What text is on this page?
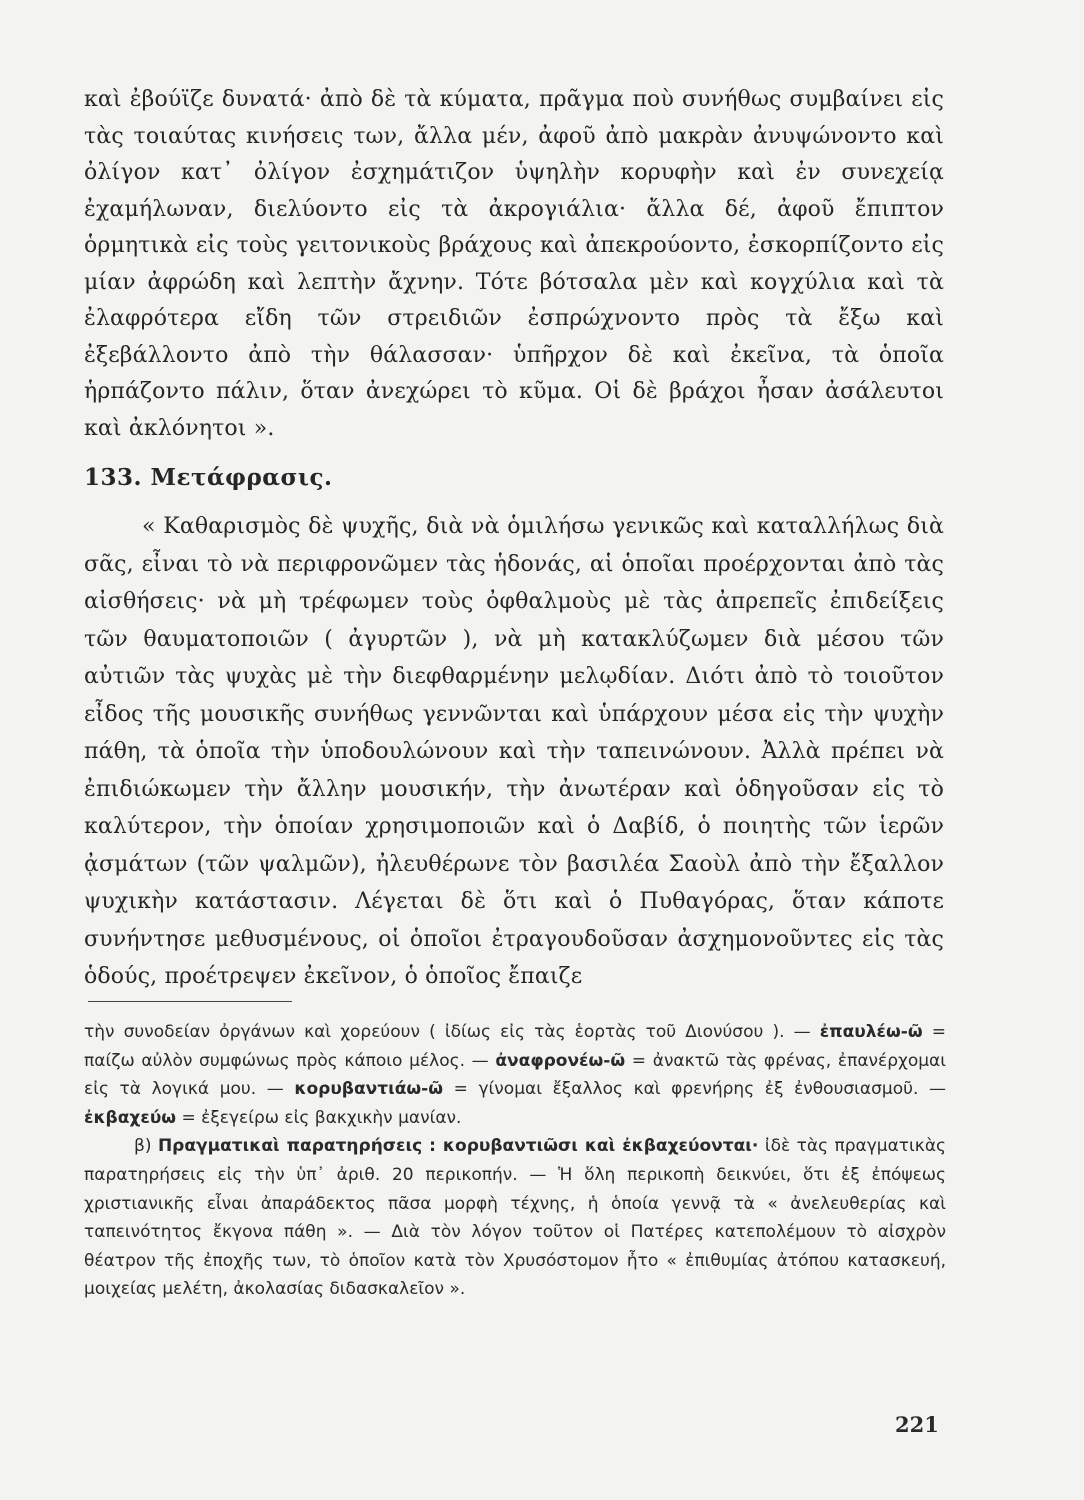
καὶ ἐβούϊζε δυνατά· ἀπὸ δὲ τὰ κύματα, πρᾶγμα ποὺ συνήθως συμβαίνει εἰς τὰς τοιαύτας κινήσεις των, ἄλλα μέν, ἀφοῦ ἀπὸ μακρὰν ἀνυψώνοντο καὶ ὀλίγον κατ᾽ ὀλίγον ἐσχημάτιζον ὑψηλὴν κορυφὴν καὶ ἐν συνεχείᾳ ἐχαμήλωναν, διελύοντο εἰς τὰ ἀκρογιάλια· ἄλλα δέ, ἀφοῦ ἔπιπτον ὁρμητικὰ εἰς τοὺς γειτονικοὺς βράχους καὶ ἀπεκρούοντο, ἐσκορπίζοντο εἰς μίαν ἀφρώδη καὶ λεπτὴν ἄχνην. Τότε βότσαλα μὲν καὶ κογχύλια καὶ τὰ ἐλαφρότερα εἴδη τῶν στρειδιῶν ἐσπρώχνοντο πρὸς τὰ ἔξω καὶ ἐξεβάλλοντο ἀπὸ τὴν θάλασσαν· ὑπῆρχον δὲ καὶ ἐκεῖνα, τὰ ὁποῖα ἡρπάζοντο πάλιν, ὅταν ἀνεχώρει τὸ κῦμα. Οἱ δὲ βράχοι ἦσαν ἀσάλευτοι καὶ ἀκλόνητοι ».

133. Μετάφρασις.

« Καθαρισμὸς δὲ ψυχῆς, διὰ νὰ ὁμιλήσω γενικῶς καὶ καταλλήλως διὰ σᾶς, εἶναι τὸ νὰ περιφρονῶμεν τὰς ἡδονάς, αἱ ὁποῖαι προέρχονται ἀπὸ τὰς αἰσθήσεις· νὰ μὴ τρέφωμεν τοὺς ὀφθαλμοὺς μὲ τὰς ἀπρεπεῖς ἐπιδείξεις τῶν θαυματοποιῶν ( ἀγυρτῶν ), νὰ μὴ κατακλύζωμεν διὰ μέσου τῶν αὐτιῶν τὰς ψυχὰς μὲ τὴν διεφθαρμένην μελῳδίαν. Διότι ἀπὸ τὸ τοιοῦτον εἶδος τῆς μουσικῆς συνήθως γεννῶνται καὶ ὑπάρχουν μέσα εἰς τὴν ψυχὴν πάθη, τὰ ὁποῖα τὴν ὑποδουλώνουν καὶ τὴν ταπεινώνουν. Ἀλλὰ πρέπει νὰ ἐπιδιώκωμεν τὴν ἄλλην μουσικήν, τὴν ἀνωτέραν καὶ ὁδηγοῦσαν εἰς τὸ καλύτερον, τὴν ὁποίαν χρησιμοποιῶν καὶ ὁ Δαβίδ, ὁ ποιητὴς τῶν ἱερῶν ᾀσμάτων (τῶν ψαλμῶν), ἠλευθέρωνε τὸν βασιλέα Σαοὺλ ἀπὸ τὴν ἔξαλλον ψυχικὴν κατάστασιν. Λέγεται δὲ ὅτι καὶ ὁ Πυθαγόρας, ὅταν κάποτε συνήντησε μεθυσμένους, οἱ ὁποῖοι ἐτραγουδοῦσαν ἀσχημονοῦντες εἰς τὰς ὁδούς, προέτρεψεν ἐκεῖνον, ὁ ὁποῖος ἔπαιζε

τὴν συνοδείαν ὀργάνων καὶ χορεύουν ( ἰδίως εἰς τὰς ἑορτὰς τοῦ Διονύσου ). — ἐπαυλέω-ῶ = παίζω αὐλὸν συμφώνως πρὸς κάποιο μέλος. — ἀναφρονέω-ῶ = ἀνακτῶ τὰς φρένας, ἐπανέρχομαι εἰς τὰ λογικά μου. — κορυβαντιάω-ῶ = γίνομαι ἔξαλλος καὶ φρενήρης ἐξ ἐνθουσιασμοῦ. — ἐκβαχεύω = ἐξεγείρω εἰς βακχικὴν μανίαν.

β) Πραγματικαὶ παρατηρήσεις : κορυβαντιῶσι καὶ ἐκβαχεύονται· ἰδὲ τὰς πραγματικὰς παρατηρήσεις εἰς τὴν ὑπ᾽ ἀριθ. 20 περικοπήν. — Ἡ ὅλη περικοπὴ δεικνύει, ὅτι ἐξ ἐπόψεως χριστιανικῆς εἶναι ἀπαράδεκτος πᾶσα μορφὴ τέχνης, ἡ ὁποία γεννᾷ τὰ « ἀνελευθερίας καὶ ταπεινότητος ἔκγονα πάθη ». — Διὰ τὸν λόγον τοῦτον οἱ Πατέρες κατεπολέμουν τὸ αἰσχρὸν θέατρον τῆς ἐποχῆς των, τὸ ὁποῖον κατὰ τὸν Χρυσόστομον ἦτο « ἐπιθυμίας ἀτόπου κατασκευή, μοιχείας μελέτη, ἀκολασίας διδασκαλεῖον ».

221
